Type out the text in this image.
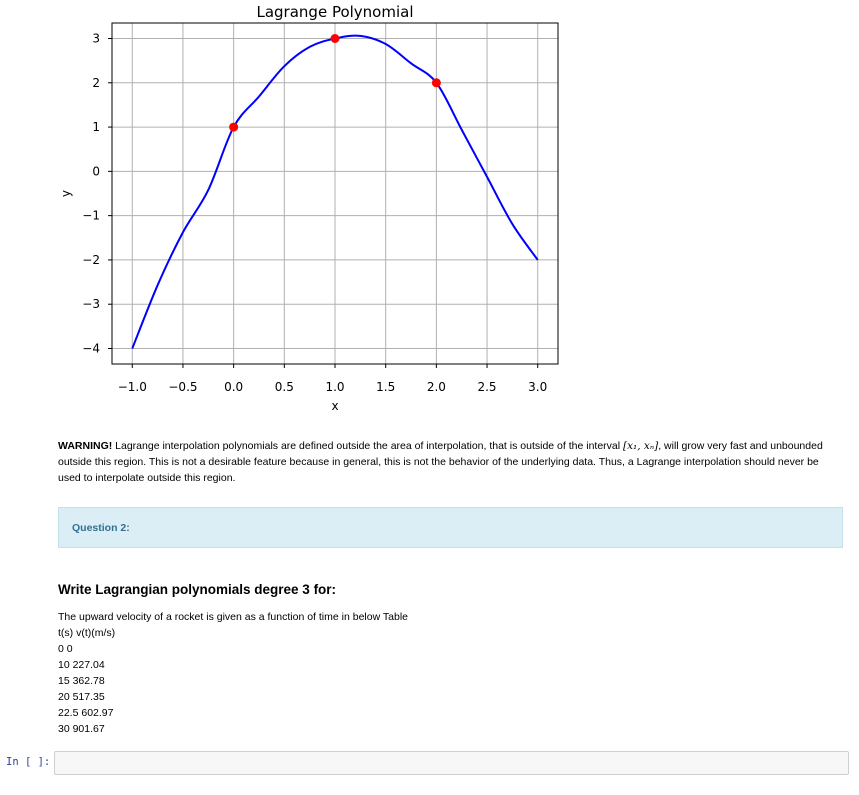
−1.0 −0.5 0.0	0.5	1.0	1.5	2.0	2.5	3.0
3
2
1
0
−1
−2
−3
−4
Lagrange Polynomial
x
y
WARNING! Lagrange interpolation polynomials are defined outside the area of interpolation, that is outside of the interval [x₁, xₙ], will grow very fast and unbounded outside this region. This is not a desirable feature because in general, this is not the behavior of the underlying data. Thus, a Lagrange interpolation should never be used to interpolate outside this region.
Question 2:
Write Lagrangian polynomials degree 3 for:
The upward velocity of a rocket is given as a function of time in below Table
t(s) v(t)(m/s)
0 0
10 227.04
15 362.78
20 517.35
22.5 602.97
30 901.67
In [ ]:
